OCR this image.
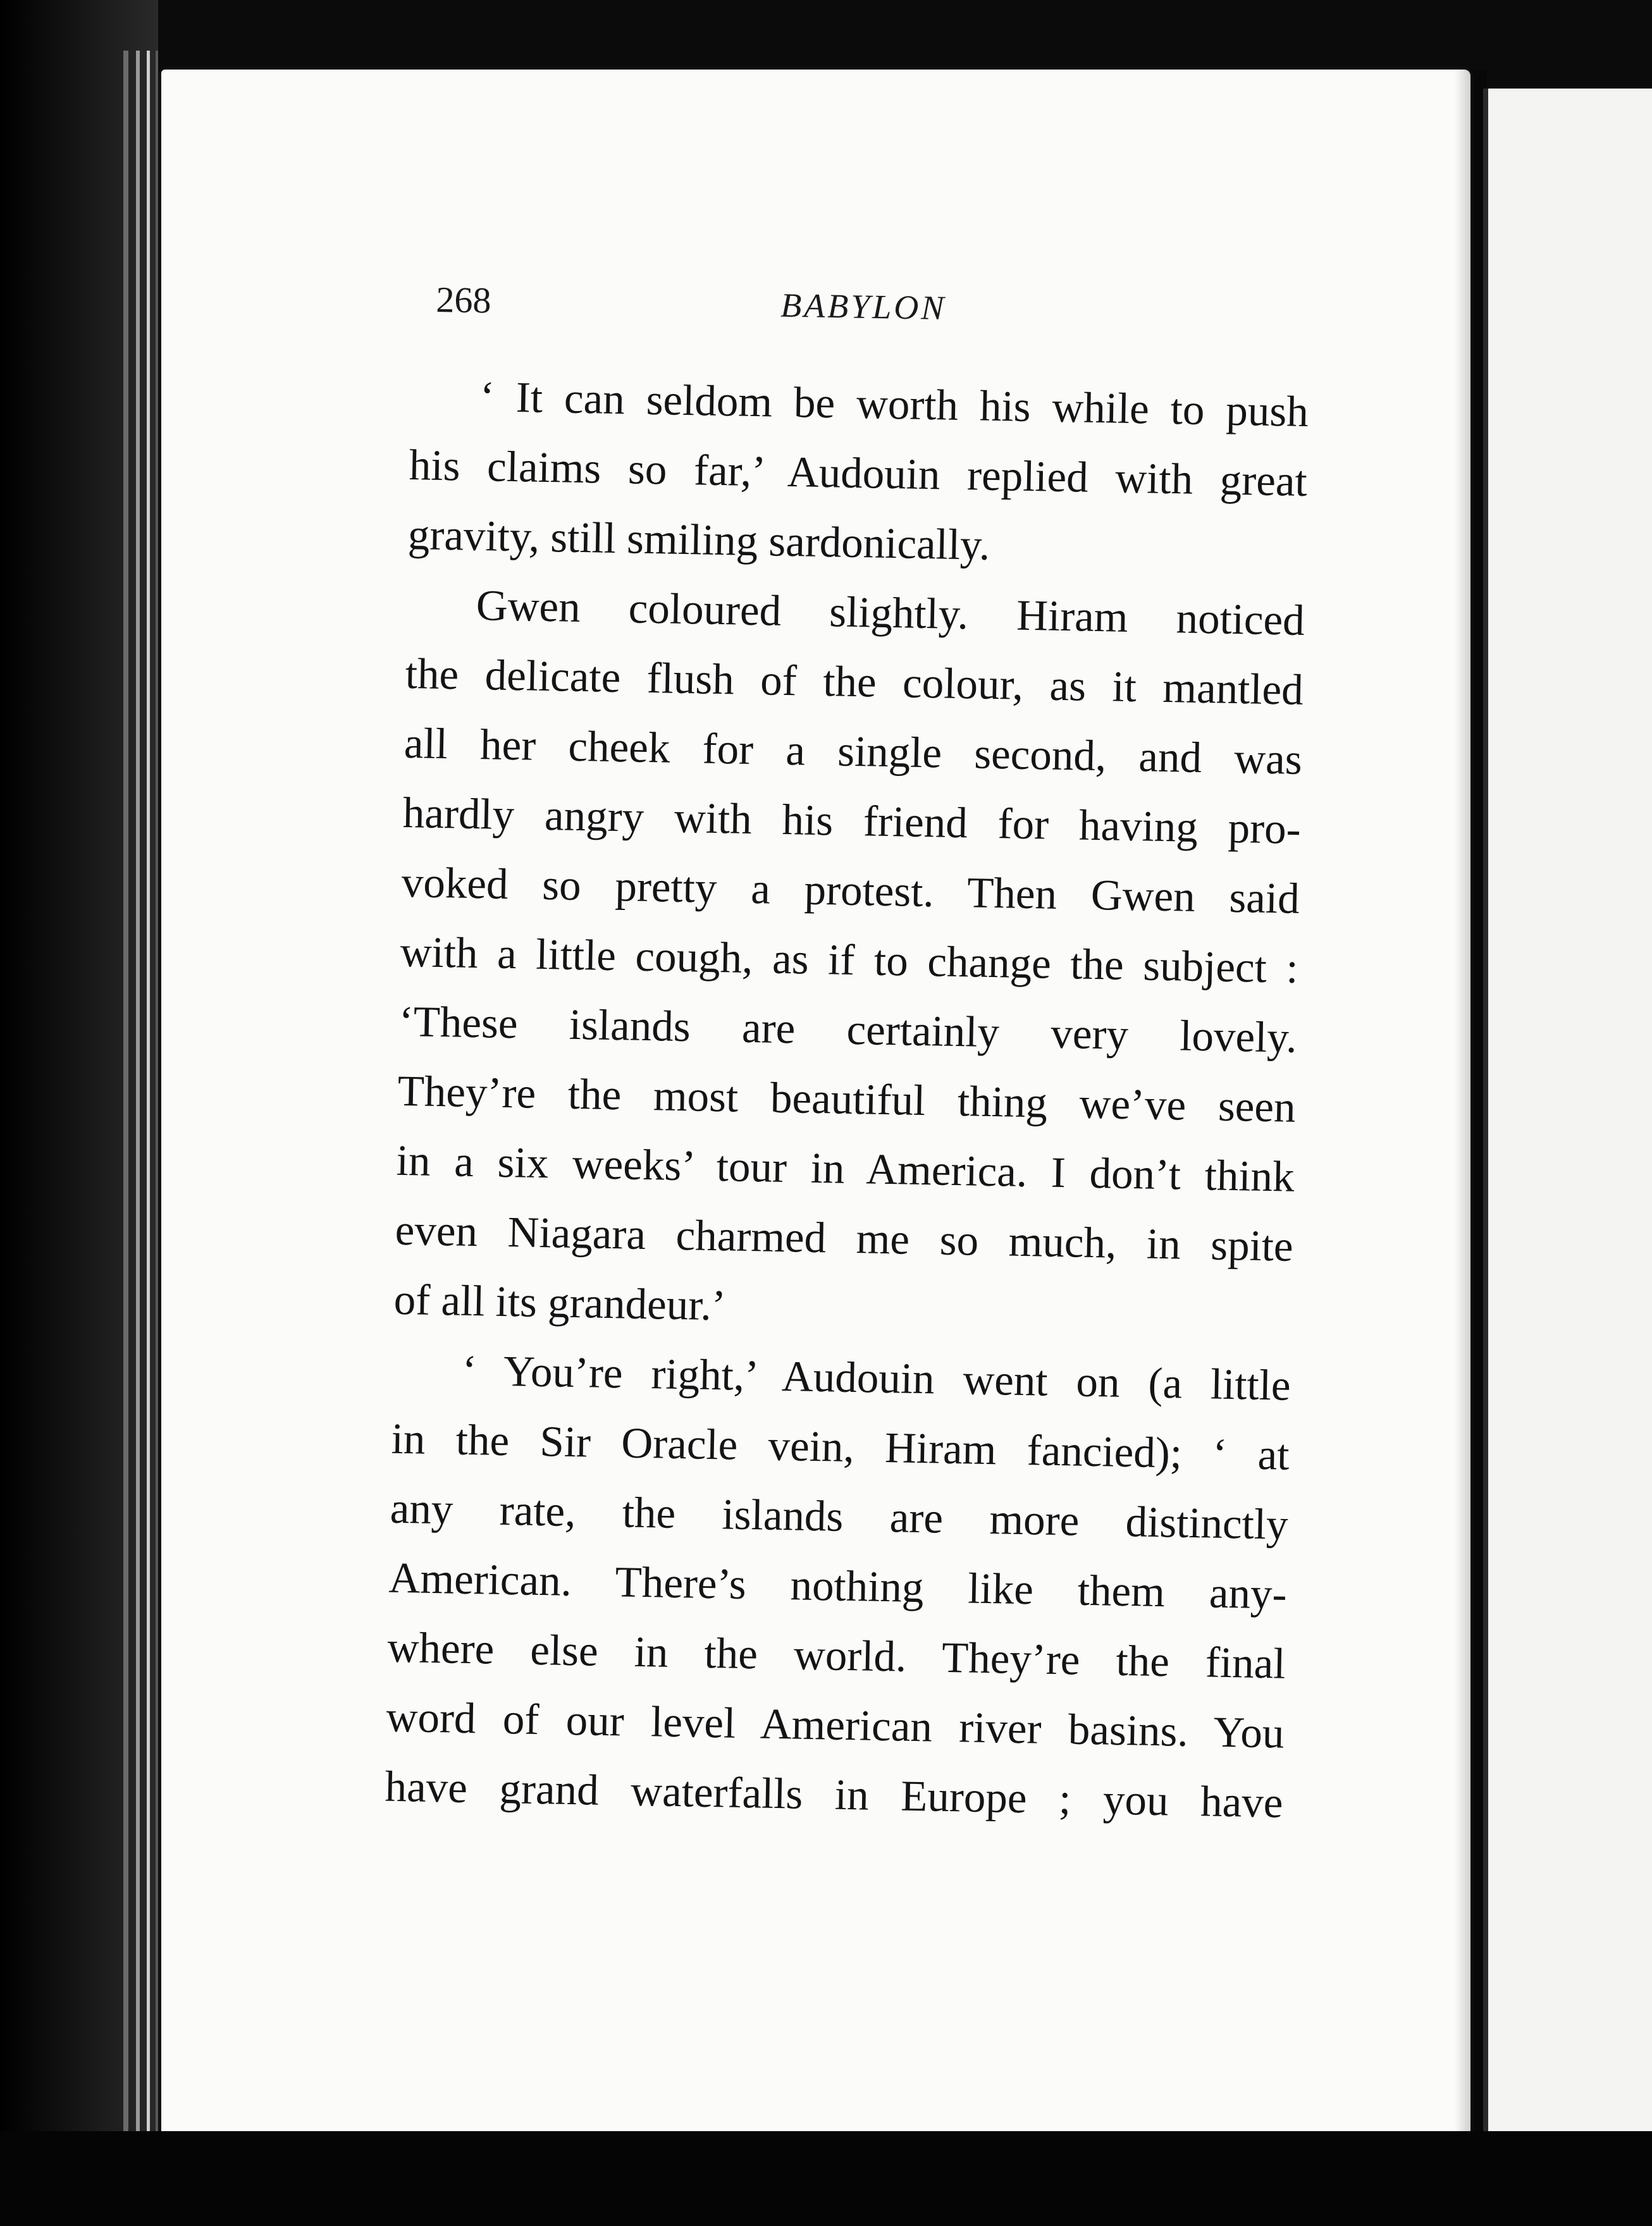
268	BABYLON
‘ It can seldom be worth his while to push
his claims so far,’ Audouin replied with great
gravity, still smiling sardonically.
Gwen coloured slightly. Hiram noticed
the delicate flush of the colour, as it mantled
all her cheek for a single second, and was
hardly angry with his friend for having pro-
voked so pretty a protest. Then Gwen said
with a little cough, as if to change the subject :
‘These islands are certainly very lovely.
They’re the most beautiful thing we’ve seen
in a six weeks’ tour in America. I don’t think
even Niagara charmed me so much, in spite
of all its grandeur.’
‘ You’re right,’ Audouin went on (a little
in the Sir Oracle vein, Hiram fancied); ‘ at
any rate, the islands are more distinctly
American. There’s nothing like them any-
where else in the world. They’re the final
word of our level American river basins. You
have grand waterfalls in Europe ; you have
